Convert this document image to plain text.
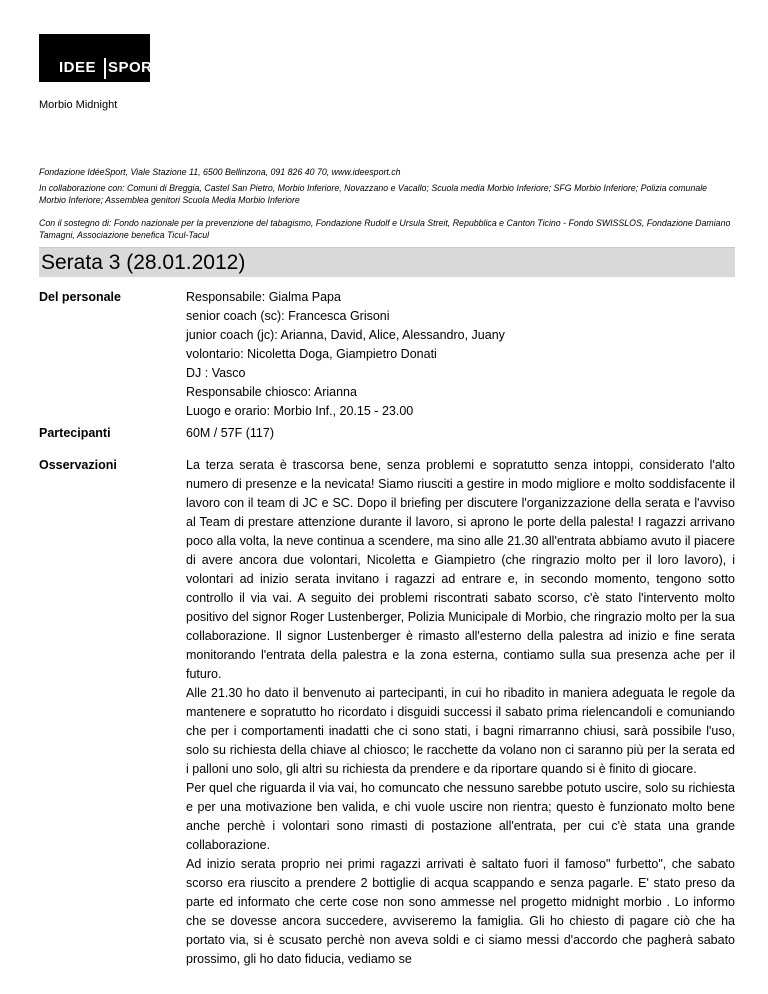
IDEE SPORT
Morbio Midnight
Fondazione IdéeSport, Viale Stazione 11, 6500 Bellinzona, 091 826 40 70, www.ideesport.ch
In collaborazione con: Comuni di Breggia, Castel San Pietro, Morbio Inferiore, Novazzano e Vacallo; Scuola media Morbio Inferiore; SFG Morbio Inferiore; Polizia comunale Morbio Inferiore; Assemblea genitori Scuola Media Morbio Inferiore
Con il sostegno di: Fondo nazionale per la prevenzione del tabagismo, Fondazione Rudolf e Ursula Streit, Repubblica e Canton Ticino - Fondo SWISSLOS, Fondazione Damiano Tamagni, Associazione benefica Ticul-Tacul
Serata 3 (28.01.2012)
Del personale	Responsabile: Gialma Papa
senior coach (sc): Francesca Grisoni
junior coach (jc): Arianna, David, Alice, Alessandro, Juany
volontario: Nicoletta Doga, Giampietro Donati
DJ : Vasco
Responsabile chiosco: Arianna
Luogo e orario: Morbio Inf., 20.15 - 23.00
Partecipanti	60M / 57F (117)
Osservazioni	La terza serata è trascorsa bene, senza problemi e sopratutto senza intoppi, considerato l'alto numero di presenze e la nevicata! Siamo riusciti a gestire in modo migliore e molto soddisfacente il lavoro con il team di JC e SC. Dopo il briefing per discutere l'organizzazione della serata e l'avviso al Team di prestare attenzione durante il lavoro, si aprono le porte della palesta! I ragazzi arrivano poco alla volta, la neve continua a scendere, ma sino alle 21.30 all'entrata abbiamo avuto il piacere di avere ancora due volontari, Nicoletta e Giampietro (che ringrazio molto per il loro lavoro), i volontari ad inizio serata invitano i ragazzi ad entrare e, in secondo momento, tengono sotto controllo il via vai. A seguito dei problemi riscontrati sabato scorso, c'è stato l'intervento molto positivo del signor Roger Lustenberger, Polizia Municipale di Morbio, che ringrazio molto per la sua collaborazione. Il signor Lustenberger è rimasto all'esterno della palestra ad inizio e fine serata monitorando l'entrata della palestra e la zona esterna, contiamo sulla sua presenza ache per il futuro.

Alle 21.30 ho dato il benvenuto ai partecipanti, in cui ho ribadito in maniera adeguata le regole da mantenere e sopratutto ho ricordato i disguidi successi il sabato prima rielencandoli e comuniando che per i comportamenti inadatti che ci sono stati, i bagni rimarranno chiusi, sarà possibile l'uso, solo su richiesta della chiave al chiosco; le racchette da volano non ci saranno più per la serata ed i palloni uno solo, gli altri su richiesta da prendere e da riportare quando si è finito di giocare.

Per quel che riguarda il via vai, ho comuncato che nessuno sarebbe potuto uscire, solo su richiesta e per una motivazione ben valida, e chi vuole uscire non rientra; questo è funzionato molto bene anche perchè i volontari sono rimasti di postazione all'entrata, per cui c'è stata una grande collaborazione.

Ad inizio serata proprio nei primi ragazzi arrivati è saltato fuori il famoso" furbetto", che sabato scorso era riuscito a prendere 2 bottiglie di acqua scappando e senza pagarle. E' stato preso da parte ed informato che certe cose non sono ammesse nel progetto midnight morbio . Lo informo che se dovesse ancora succedere, avviseremo la famiglia. Gli ho chiesto di pagare ciò che ha portato via, si è scusato perchè non aveva soldi e ci siamo messi d'accordo che pagherà sabato prossimo, gli ho dato fiducia, vediamo se
